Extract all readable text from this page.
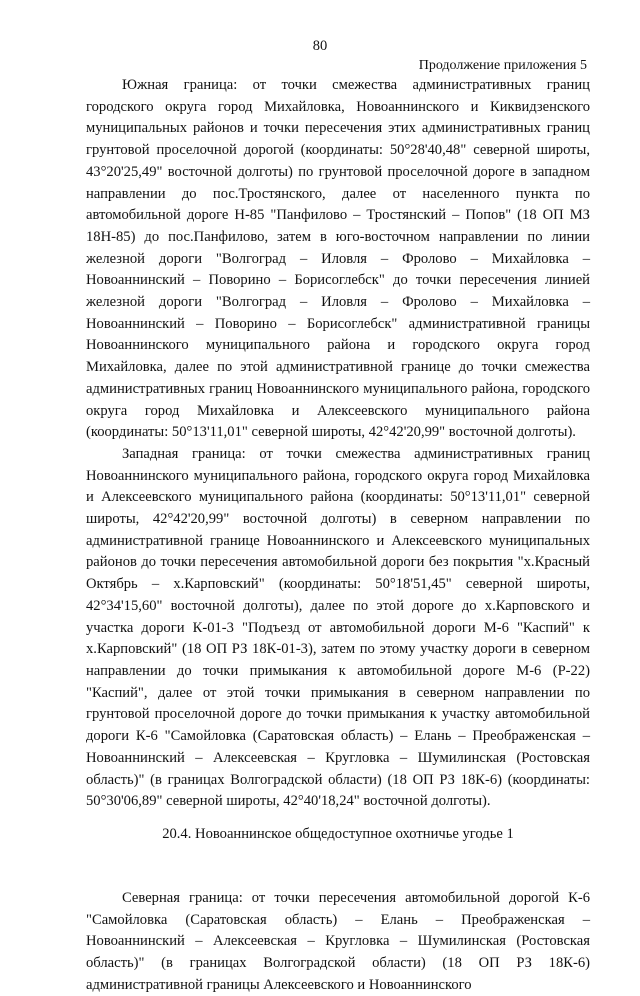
80

Продолжение приложения 5

Южная граница: от точки смежества административных границ городского округа город Михайловка, Новоаннинского и Киквидзенского муниципальных районов и точки пересечения этих административных границ грунтовой проселочной дорогой (координаты: 50°28'40,48" северной широты, 43°20'25,49" восточной долготы) по грунтовой проселочной дороге в западном направлении до пос.Тростянского, далее от населенного пункта по автомобильной дороге Н-85 "Панфилово – Тростянский – Попов" (18 ОП МЗ 18Н-85) до пос.Панфилово, затем в юго-восточном направлении по линии железной дороги "Волгоград – Иловля – Фролово – Михайловка – Новоаннинский – Поворино – Борисоглебск" до точки пересечения линией железной дороги "Волгоград – Иловля – Фролово – Михайловка – Новоаннинский – Поворино – Борисоглебск" административной границы Новоаннинского муниципального района и городского округа город Михайловка, далее по этой административной границе до точки смежества административных границ Новоаннинского муниципального района, городского округа город Михайловка и Алексеевского муниципального района (координаты: 50°13'11,01" северной широты, 42°42'20,99" восточной долготы).

Западная граница: от точки смежества административных границ Новоаннинского муниципального района, городского округа город Михайловка и Алексеевского муниципального района (координаты: 50°13'11,01" северной широты, 42°42'20,99" восточной долготы) в северном направлении по административной границе Новоаннинского и Алексеевского муниципальных районов до точки пересечения автомобильной дороги без покрытия "х.Красный Октябрь – х.Карповский" (координаты: 50°18'51,45" северной широты, 42°34'15,60" восточной долготы), далее по этой дороге до х.Карповского и участка дороги К-01-3 "Подъезд от автомобильной дороги М-6 "Каспий" к х.Карповский" (18 ОП РЗ 18К-01-3), затем по этому участку дороги в северном направлении до точки примыкания к автомобильной дороге М-6 (Р-22) "Каспий", далее от этой точки примыкания в северном направлении по грунтовой проселочной дороге до точки примыкания к участку автомобильной дороги К-6 "Самойловка (Саратовская область) – Елань – Преображенская – Новоаннинский – Алексеевская – Кругловка – Шумилинская (Ростовская область)" (в границах Волгоградской области) (18 ОП РЗ 18К-6) (координаты: 50°30'06,89" северной широты, 42°40'18,24" восточной долготы).

20.4. Новоаннинское общедоступное охотничье угодье 1

Северная граница: от точки пересечения автомобильной дорогой К-6 "Самойловка (Саратовская область) – Елань – Преображенская – Новоаннинский – Алексеевская – Кругловка – Шумилинская (Ростовская область)" (в границах Волгоградской области) (18 ОП РЗ 18К-6) административной границы Алексеевского и Новоаннинского
